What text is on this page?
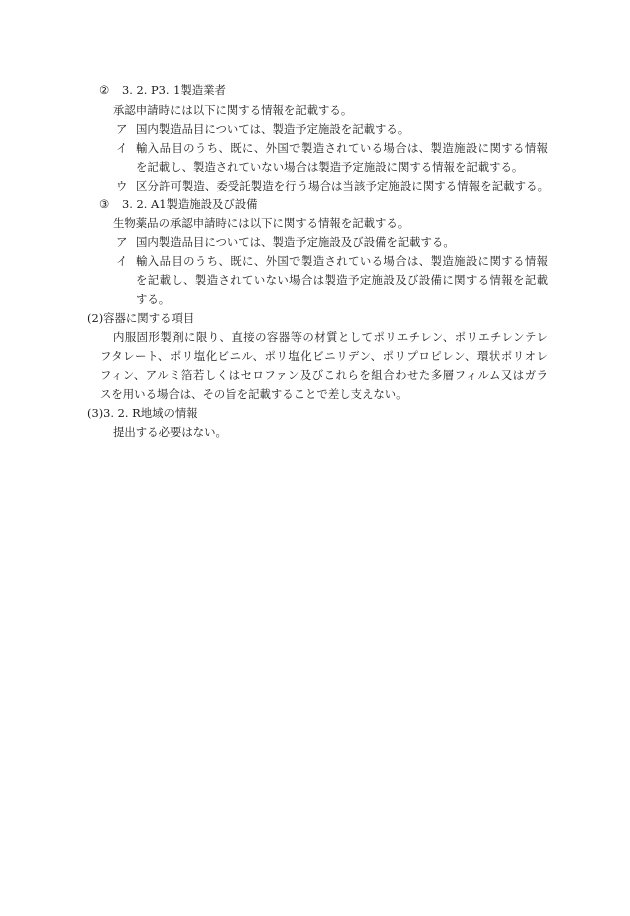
② 3. 2. P3. 1製造業者
承認申請時には以下に関する情報を記載する。
ア 国内製造品目については、製造予定施設を記載する。
イ 輸入品目のうち、既に、外国で製造されている場合は、製造施設に関する情報
を記載し、製造されていない場合は製造予定施設に関する情報を記載する。
ウ 区分許可製造、委受託製造を行う場合は当該予定施設に関する情報を記載する。
③ 3. 2. A1製造施設及び設備
生物薬品の承認申請時には以下に関する情報を記載する。
ア 国内製造品目については、製造予定施設及び設備を記載する。
イ 輸入品目のうち、既に、外国で製造されている場合は、製造施設に関する情報
を記載し、製造されていない場合は製造予定施設及び設備に関する情報を記載
する。
(2)容器に関する項目
内服固形製剤に限り、直接の容器等の材質としてポリエチレン、ポリエチレンテレ
フタレート、ポリ塩化ビニル、ポリ塩化ビニリデン、ポリプロピレン、環状ポリオレ
フィン、アルミ箔若しくはセロファン及びこれらを組合わせた多層フィルム又はガラ
スを用いる場合は、その旨を記載することで差し支えない。
(3)3. 2. R地域の情報
提出する必要はない。
